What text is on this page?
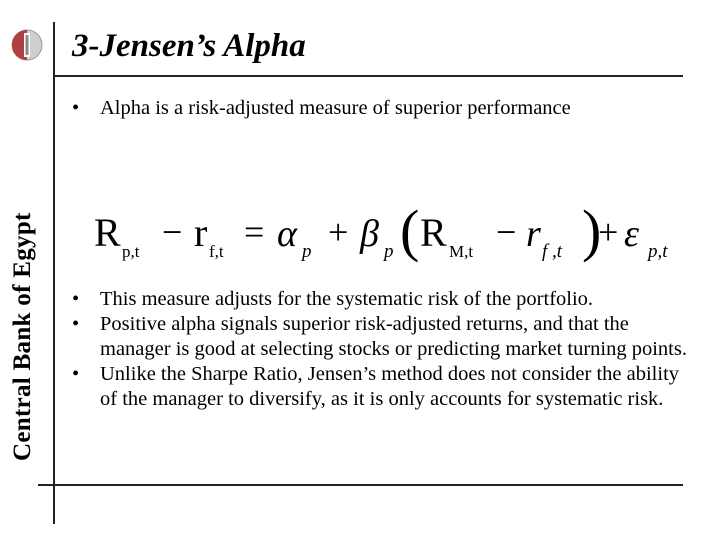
Central Bank of Egypt
3-Jensen’s Alpha
• Alpha is a risk-adjusted measure of superior performance
R p,t − r f,t = α p + β p ( R M,t − r f ,t )
+ ε p,t
• This measure adjusts for the systematic risk of the portfolio.
• Positive alpha signals superior risk-adjusted returns, and that the manager is good at selecting stocks or predicting market turning points.
• Unlike the Sharpe Ratio, Jensen’s method does not consider the ability of the manager to diversify, as it is only accounts for systematic risk.
